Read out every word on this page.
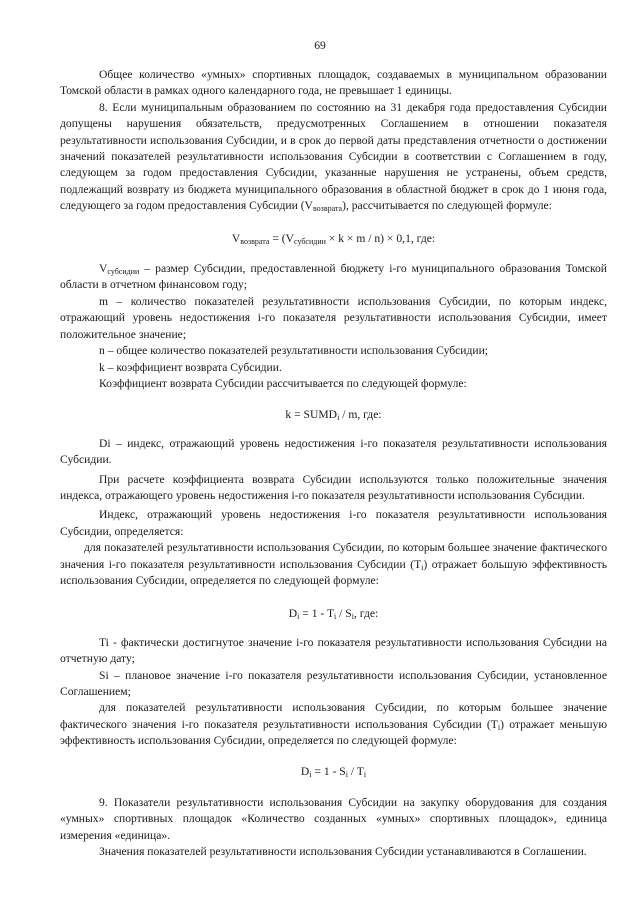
69

Общее количество «умных» спортивных площадок, создаваемых в муниципальном образовании Томской области в рамках одного календарного года, не превышает 1 единицы.

8. Если муниципальным образованием по состоянию на 31 декабря года предоставления Субсидии допущены нарушения обязательств, предусмотренных Соглашением в отношении показателя результативности использования Субсидии, и в срок до первой даты представления отчетности о достижении значений показателей результативности использования Субсидии в соответствии с Соглашением в году, следующем за годом предоставления Субсидии, указанные нарушения не устранены, объем средств, подлежащий возврату из бюджета муниципального образования в областной бюджет в срок до 1 июня года, следующего за годом предоставления Субсидии $(V_{возврата})$, рассчитывается по следующей формуле:

$V_{возврата} = (V_{субсидии} \times k \times m / n) \times 0,1$, где:

$V_{субсидии}$ – размер Субсидии, предоставленной бюджету i-го муниципального образования Томской области в отчетном финансовом году;

m – количество показателей результативности использования Субсидии, по которым индекс, отражающий уровень недостижения i-го показателя результативности использования Субсидии, имеет положительное значение;

n – общее количество показателей результативности использования Субсидии;

k – коэффициент возврата Субсидии.

Коэффициент возврата Субсидии рассчитывается по следующей формуле:

$k = SUMD_i / m$, где:

Di – индекс, отражающий уровень недостижения i-го показателя результативности использования Субсидии.

При расчете коэффициента возврата Субсидии используются только положительные значения индекса, отражающего уровень недостижения i-го показателя результативности использования Субсидии.

Индекс, отражающий уровень недостижения i-го показателя результативности использования Субсидии, определяется:

для показателей результативности использования Субсидии, по которым большее значение фактического значения i-го показателя результативности использования Субсидии $(T_i)$ отражает большую эффективность использования Субсидии, определяется по следующей формуле:

$D_i = 1 - T_i / S_i$, где:

Ti - фактически достигнутое значение i-го показателя результативности использования Субсидии на отчетную дату;

Si – плановое значение i-го показателя результативности использования Субсидии, установленное Соглашением;

для показателей результативности использования Субсидии, по которым большее значение фактического значения i-го показателя результативности использования Субсидии $(T_i)$ отражает меньшую эффективность использования Субсидии, определяется по следующей формуле:

$D_i = 1 - S_i / T_i$

9. Показатели результативности использования Субсидии на закупку оборудования для создания «умных» спортивных площадок «Количество созданных «умных» спортивных площадок», единица измерения «единица».

Значения показателей результативности использования Субсидии устанавливаются в Соглашении.
